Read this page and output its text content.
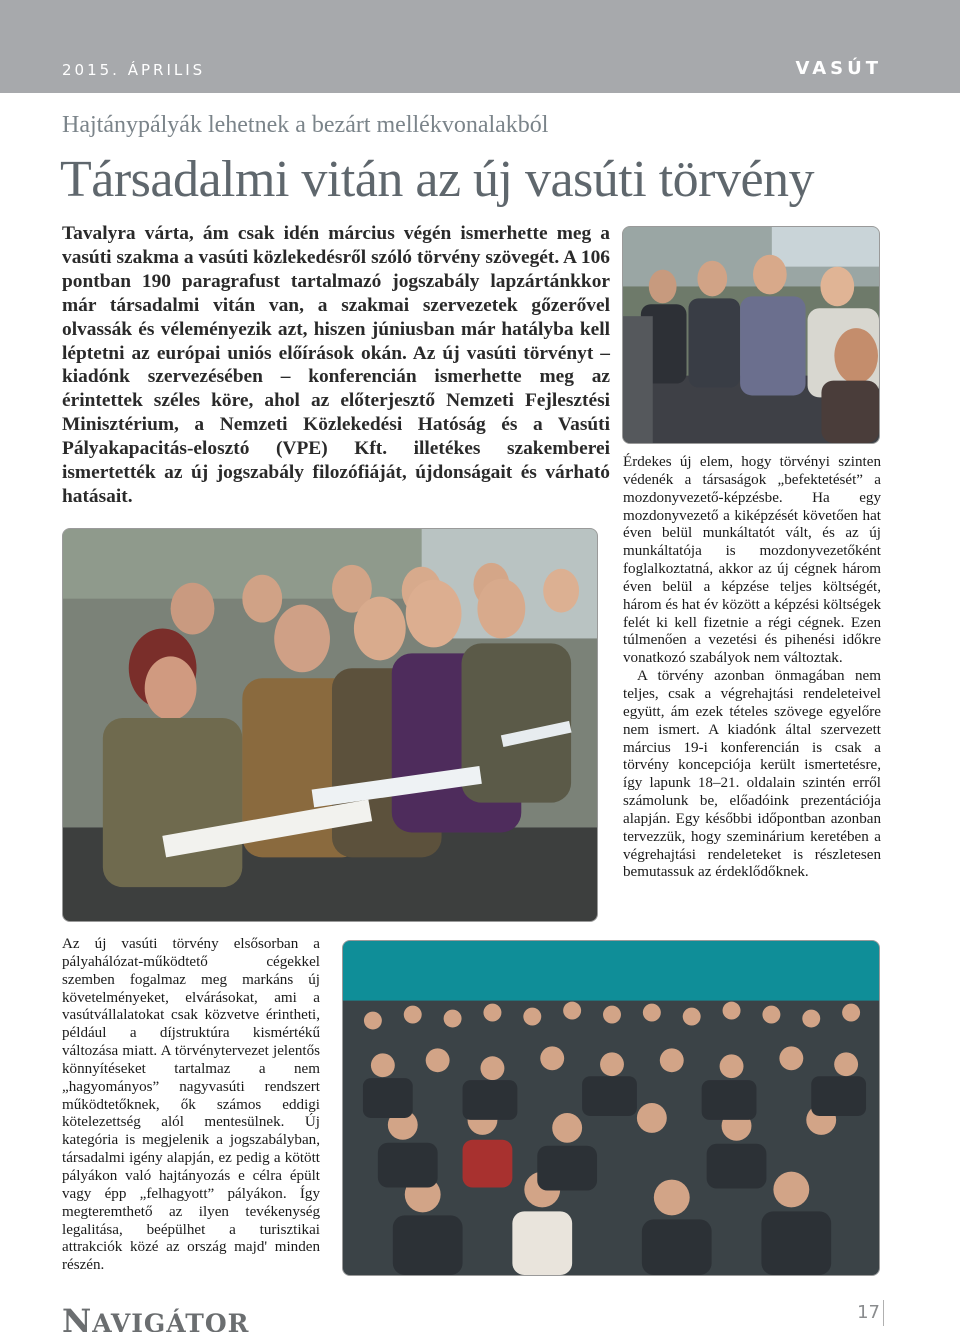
2015. ÁPRILIS	VASÚT
Hajtánypályák lehetnek a bezárt mellékvonalakból
Társadalmi vitán az új vasúti törvény

Tavalyra várta, ám csak idén március végén ismerhette meg a vasúti szakma a vasúti közlekedésről szóló törvény szövegét. A 106 pontban 190 paragrafust tartalmazó jogszabály lapzártánkkor már társadalmi vitán van, a szakmai szervezetek gőzerővel olvassák és véleményezik azt, hiszen júniusban már hatályba kell léptetni az európai uniós előírások okán. Az új vasúti törvényt – kiadónk szervezésében – konferencián ismerhette meg az érintettek széles köre, ahol az előterjesztő Nemzeti Fejlesztési Minisztérium, a Nemzeti Közlekedési Hatóság és a Vasúti Pályakapacitás-elosztó (VPE) Kft. illetékes szakemberei ismertették az új jogszabály filozófiáját, újdonságait és várható hatásait.

Érdekes új elem, hogy törvényi szinten védenék a társaságok „befektetését” a mozdonyvezető-képzésbe. Ha egy mozdonyvezető a kiképzését követően hat éven belül munkáltatót vált, és az új munkáltatója is mozdonyvezetőként foglalkoztatná, akkor az új cégnek három éven belül a képzése teljes költségét, három és hat év között a képzési költségek felét ki kell fizetnie a régi cégnek. Ezen túlmenően a vezetési és pihenési időkre vonatkozó szabályok nem változtak.

A törvény azonban önmagában nem teljes, csak a végrehajtási rendeleteivel együtt, ám ezek tételes szövege egyelőre nem ismert. A kiadónk által szervezett március 19-i konferencián is csak a törvény koncepciója került ismertetésre, így lapunk 18–21. oldalain szintén erről számolunk be, előadóink prezentációja alapján. Egy későbbi időpontban azonban tervezzük, hogy szeminárium keretében a végrehajtási rendeleteket is részletesen bemutassuk az érdeklődőknek.

Az új vasúti törvény elsősorban a pályahálózat-működtető cégekkel szemben fogalmaz meg markáns új követelményeket, elvárásokat, ami a vasútvállalatokat csak közvetve érintheti, például a díjstruktúra kismértékű változása miatt. A törvénytervezet jelentős könnyítéseket tartalmaz a nem „hagyományos” nagyvasúti rendszert működtetőknek, ők számos eddigi kötelezettség alól mentesülnek. Új kategória is megjelenik a jogszabályban, társadalmi igény alapján, ez pedig a kötött pályákon való hajtányozás e célra épült vagy épp „felhagyott” pályákon. Így megteremthető az ilyen tevékenység legalitása, beépülhet a turisztikai attrakciók közé az ország majd' minden részén.

NAVIGÁTOR	17
